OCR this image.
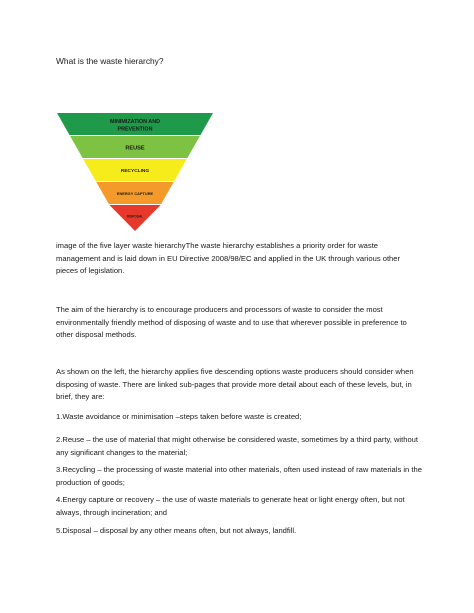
What is the waste hierarchy?
MINIMIZATION AND
PREVENTION
REUSE
RECYCLING
ENERGY CAPTURE
DISPOSAL
image of the five layer waste hierarchyThe waste hierarchy establishes a priority order for waste management and is laid down in EU Directive 2008/98/EC and applied in the UK through various other pieces of legislation.
The aim of the hierarchy is to encourage producers and processors of waste to consider the most environmentally friendly method of disposing of waste and to use that wherever possible in preference to other disposal methods.
As shown on the left, the hierarchy applies five descending options waste producers should consider when disposing of waste. There are linked sub-pages that provide more detail about each of these levels, but, in brief, they are:
1.Waste avoidance or minimisation –steps taken before waste is created;
2.Reuse – the use of material that might otherwise be considered waste, sometimes by a third party, without any significant changes to the material;
3.Recycling – the processing of waste material into other materials, often used instead of raw materials in the production of goods;
4.Energy capture or recovery – the use of waste materials to generate heat or light energy often, but not always, through incineration; and
5.Disposal – disposal by any other means often, but not always, landfill.
